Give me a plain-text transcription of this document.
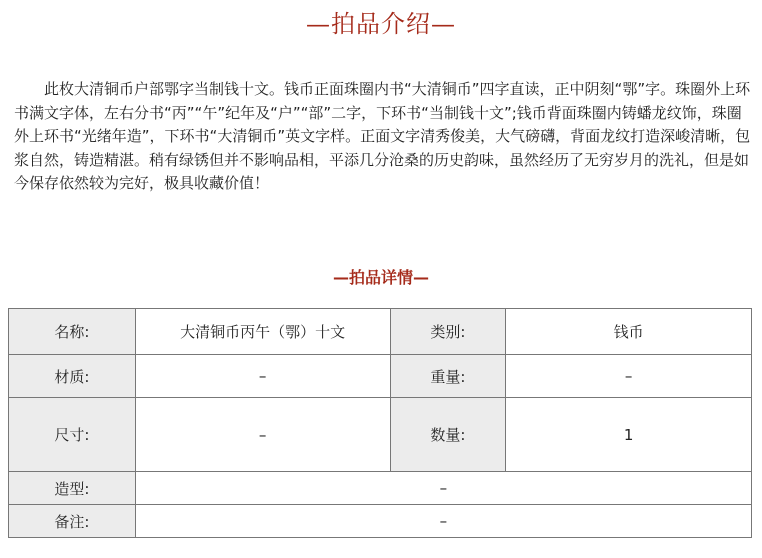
—拍品介绍—
　　此枚大清铜币户部鄂字当制钱十文。钱币正面珠圈内书“大清铜币”四字直读，正中阴刻“鄂”字。珠圈外上环书满文字体，左右分书“丙”“午”纪年及“户”“部”二字，下环书“当制钱十文”;钱币背面珠圈内铸蟠龙纹饰，珠圈外上环书“光绪年造”，下环书“大清铜币”英文字样。正面文字清秀俊美，大气磅礴，背面龙纹打造深峻清晰，包浆自然，铸造精湛。稍有绿锈但并不影响品相，平添几分沧桑的历史韵味，虽然经历了无穷岁月的洗礼，但是如今保存依然较为完好，极具收藏价值！
—拍品详情—
名称:	大清铜币丙午（鄂）十文	类别:	钱币
材质:	–	重量:	–
尺寸:	–	数量:	1
造型:	–		
备注:	–		
